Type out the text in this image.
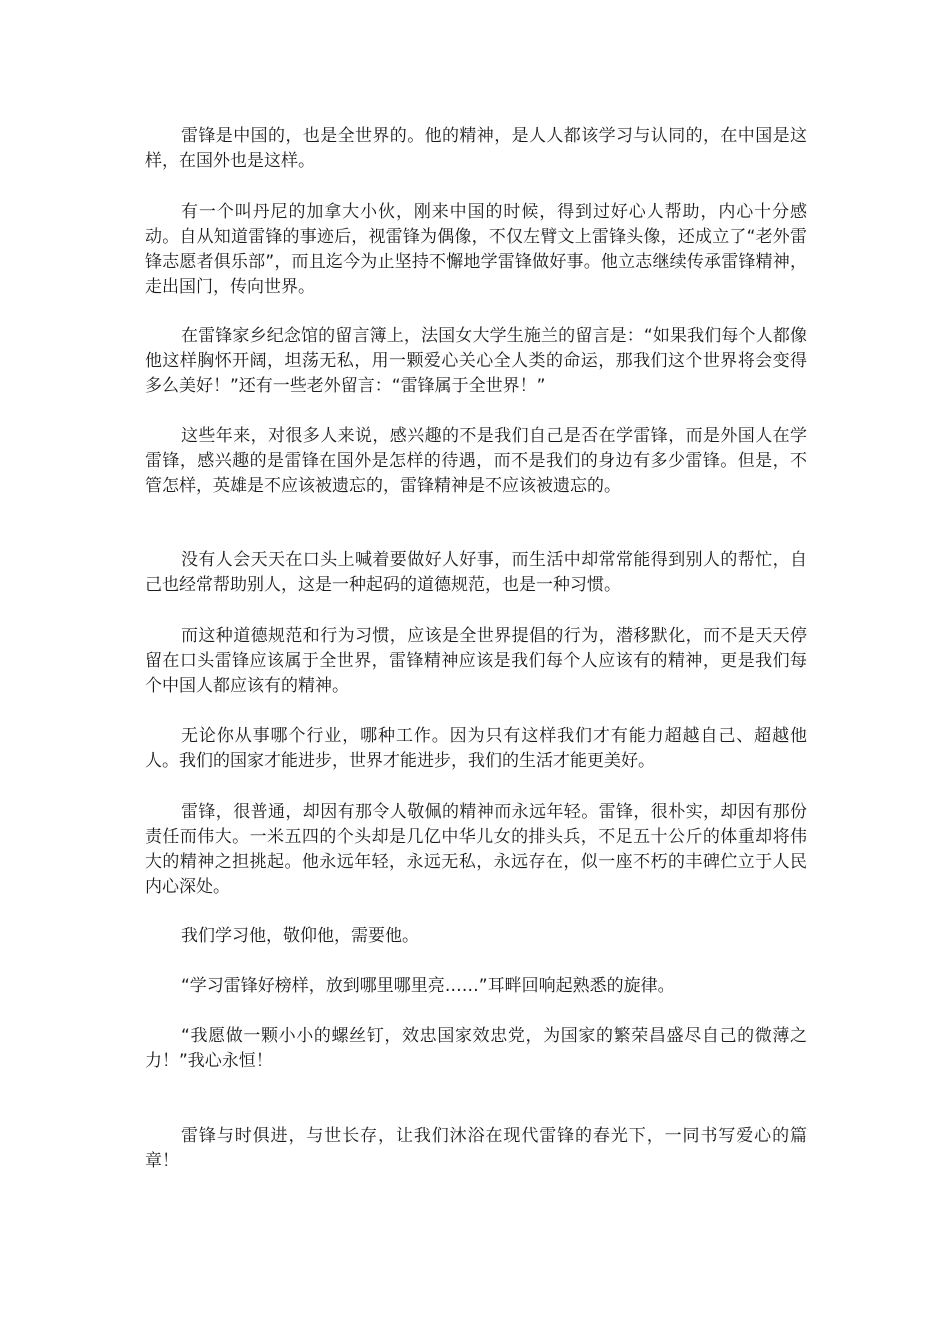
雷锋是中国的，也是全世界的。他的精神，是人人都该学习与认同的，在中国是这样，在国外也是这样。

有一个叫丹尼的加拿大小伙，刚来中国的时候，得到过好心人帮助，内心十分感动。自从知道雷锋的事迹后，视雷锋为偶像，不仅左臂文上雷锋头像，还成立了“老外雷锋志愿者俱乐部”，而且迄今为止坚持不懈地学雷锋做好事。他立志继续传承雷锋精神，走出国门，传向世界。

在雷锋家乡纪念馆的留言簿上，法国女大学生施兰的留言是：“如果我们每个人都像他这样胸怀开阔，坦荡无私，用一颗爱心关心全人类的命运，那我们这个世界将会变得多么美好！”还有一些老外留言：“雷锋属于全世界！”

这些年来，对很多人来说，感兴趣的不是我们自己是否在学雷锋，而是外国人在学雷锋，感兴趣的是雷锋在国外是怎样的待遇，而不是我们的身边有多少雷锋。但是，不管怎样，英雄是不应该被遗忘的，雷锋精神是不应该被遗忘的。

没有人会天天在口头上喊着要做好人好事，而生活中却常常能得到别人的帮忙，自己也经常帮助别人，这是一种起码的道德规范，也是一种习惯。

而这种道德规范和行为习惯，应该是全世界提倡的行为，潜移默化，而不是天天停留在口头雷锋应该属于全世界，雷锋精神应该是我们每个人应该有的精神，更是我们每个中国人都应该有的精神。

无论你从事哪个行业，哪种工作。因为只有这样我们才有能力超越自己、超越他人。我们的国家才能进步，世界才能进步，我们的生活才能更美好。

雷锋，很普通，却因有那令人敬佩的精神而永远年轻。雷锋，很朴实，却因有那份责任而伟大。一米五四的个头却是几亿中华儿女的排头兵，不足五十公斤的体重却将伟大的精神之担挑起。他永远年轻，永远无私，永远存在，似一座不朽的丰碑伫立于人民内心深处。

我们学习他，敬仰他，需要他。

“学习雷锋好榜样，放到哪里哪里亮……”耳畔回响起熟悉的旋律。

“我愿做一颗小小的螺丝钉，效忠国家效忠党，为国家的繁荣昌盛尽自己的微薄之力！”我心永恒！

雷锋与时俱进，与世长存，让我们沐浴在现代雷锋的春光下，一同书写爱心的篇章！
